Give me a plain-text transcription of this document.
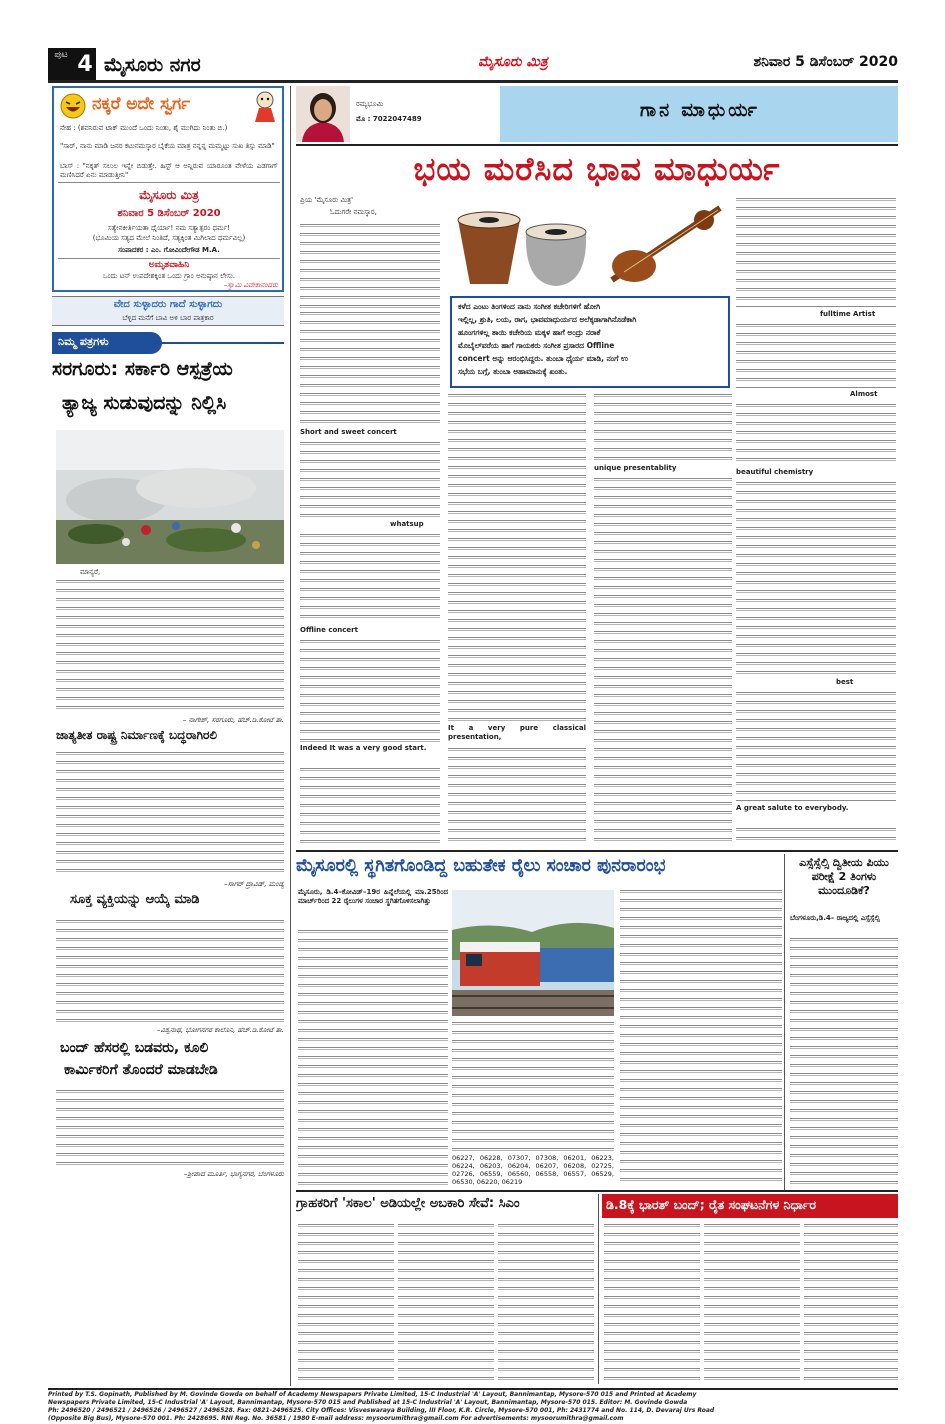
ಪುಟ 4 ಮೈಸೂರು ನಗರ	ಮೈಸೂರು ಮಿತ್ರ	ಶನಿವಾರ 5 ಡಿಸೆಂಬರ್ 2020
ನಕ್ಕರೆ ಅದೇ ಸ್ವರ್ಗ
ನೇಹ : (ಶವನಿರುವ ಟಾಕ್ ಮುಂದೆ ಒಂದು ನಿಂತು, ಶೈ ಮುಗಿದು ನಿಂತು ಬಿ.)
"ಸಾರ್, ನಾನು ಮಾಡಿ ಜನರ ಕಟುನಮಸ್ಕಾರ ಬೈಕೆಯ ಮಾತ್ರ ನನ್ನನ್ನ ಮಮ್ಮಟ್ಟು ಸುಖ ತಿಸ್ಸು ಮಾಡಿ"
ಬಾಸ್ : "ನಕ್ಕತ್ ಸಲುಲ ಇನ್ನೇ ಬಿಡುತ್ತೇ. ಹಿಸ್ಟ್ ಆ ಅನ್ನಿರುವ ಯಾರೂಂತ ವೇಳೆಯ ಎಡಗಾಗ್ ಮಣಿಸಿದರೆ ಏನು ಮಾಡುತ್ತೀನಿ"
ಮೈಸೂರು ಮಿತ್ರ
ಶನಿವಾರ 5 ಡಿಸೆಂಬರ್ 2020
ಸತ್ಯೇನಕೀರ್ತಿಯತಾ ಧೈರ್ಯಾ! ನಮ ಸತ್ಯಾತ್ಪರಂ ಧರ್ಮ!
(ಭೂಮಿಯ ಸತ್ಯದ ಮೇಲೆ ನಿಂತಿದೆ, ಸತ್ಯಕ್ಕಿಂತ ಮಿಗಿಲಾದ ಧರ್ಮವಿಲ್ಲ)
ಸಂಪಾದಕರ : ಎಂ. ಗೋವಿಂದೇಗೌಡ M.A.
ಅಮೃತವಾಹಿನಿ
ಒಂದು ಟನ್ ಉಪದೇಶಕ್ಕಿಂತ ಒಂದು ಗ್ರಾಂ ಅನುಷ್ಠಾನ ಲೇಸು.
–ಸ್ವಾಮಿ ವಿವೇಕಾನಂದರು
ವೇದ ಸುಳ್ಳಾದರು ಗಾದೆ ಸುಳ್ಳಾಗದು
ಬೆಳ್ಳಿದ ಮನೆಗೆ ಬಾವಿ ಅಳಿ ಬಾರ ಪಾತ್ರಕಾರ
ನಿಮ್ಮ ಪತ್ರಗಳು
ಸರಗೂರು: ಸರ್ಕಾರಿ ಆಸ್ಪತ್ರೆಯ
ತ್ಯಾಜ್ಯ ಸುಡುವುದನ್ನು ನಿಲ್ಲಿಸಿ
ಮಾನ್ಯರೆ,
– ನಾಗೇಶ್, ಸರಗೂರು, ಹೆಚ್.ಡಿ.ಕೋಟೆ ತಾ.
ಜಾತ್ಯತೀತ ರಾಷ್ಟ್ರ ನಿರ್ಮಾಣಕ್ಕೆ ಬದ್ಧರಾಗಿರಲಿ
–ಸಾಗರ್ ದ್ರಾವಿಡ್, ಮಂಡ್ಯ
ಸೂಕ್ತ ವ್ಯಕ್ತಿಯನ್ನು ಆಯ್ಕೆ ಮಾಡಿ
–ವಿಶ್ವನಾಥ, ಭೋಗನಗರ ಕಾಲೊನಿ, ಹೆಚ್.ಡಿ.ಕೋಟೆ ತಾ.
ಬಂದ್ ಹೆಸರಲ್ಲಿ ಬಡವರು, ಕೂಲಿ
ಕಾರ್ಮಿಕರಿಗೆ ತೊಂದರೆ ಮಾಡಬೇಡಿ
–ಶ್ರೀಪಾದ ಮೂರ್ತಿ, ಭಾಗ್ಯನಗರ, ಬೆಂಗಳೂರು
ರಮ್ಯಭೂಮಿ
ಮೊ : 7022047489	ಗಾನ ಮಾಧುರ್ಯ
ಭಯ ಮರೆಸಿದ ಭಾವ ಮಾಧುರ್ಯ
ಪ್ರಿಯ 'ಮೈಸೂರು ಮಿತ್ರ'
ಓದುಗರೇ ನಮಸ್ಕಾರ,
ಕಳೆದ ಎಂಟು ತಿಂಗಳಿಂದ ನಾನು ಸಂಗೀತ ಕಚೇರಿಗಳಿಗೆ ಹೋಗಿ
ಇಲ್ಲಿಲ್ಲ, ಶ್ರುತಿ, ಲಯ, ರಾಗ, ಭಾವಮಾಧುರ್ಯದ ಅಲೆಕ್ಕಡಾಗಾಗಿನೊಡೆಕಾಗಿ
ಹೂಂಗಗಳಿಲ್ಲ ತಾಯಿ ಕಚೇರಿಯ ಮಕ್ಕಳ ಹಾಗೆ ಅಂದ್ರು ನರಾಕೆ
ಮೊಬೈಲ್‌ವರೆಯ ಹಾಗೆ ಗಾಯಕರು ಸಂಗೀತ ಪ್ರಸಾರದ Offline
concert ಅನ್ನು ಆರಂಭಿಸಿದ್ದರು. ತುಂಬಾ ಧೈರ್ಯ ಮಾಡಿ, ನಂಗೆ ಉ
ಸಭೆಯ ಬಗ್ಗೆ, ತುಂಬಾ ಅಹಾಮಾನುಕ್ಕೆ ಖಂತು.
Short and sweet concert
whatsup
Offline concert
Indeed It was a very good start.
It a very pure classical presentation,
unique presentablity
fulltime Artist
Almost
beautiful chemistry
best
A great salute to everybody.
ಮೈಸೂರಲ್ಲಿ ಸ್ಥಗಿತಗೊಂಡಿದ್ದ ಬಹುತೇಕ ರೈಲು ಸಂಚಾರ ಪುನರಾರಂಭ
ಮೈಸೂರು, ಡಿ.4–ಕೋವಿಡ್–19ರ ಹಿನ್ನೆಲೆಯಲ್ಲಿ ಮಾ.25ರಿಂದ ಮಾರ್ಚ್‌ರಿಂದ 22 ರೈಲುಗಳ ಸಂಚಾರ ಸ್ಥಗಿತಗೊಳಿಸಲಾಗಿತ್ತು
06227, 06228, 07307, 07308, 06201, 06223, 06224, 06203, 06204, 06207, 06208, 02725, 02726, 06559, 06560, 06558, 06557, 06529, 06530, 06220, 06219
ಎಸ್ಸೆಸ್ಸೆಲ್ಸಿ ದ್ವಿತೀಯ ಪಿಯು ಪರೀಕ್ಷೆ 2 ತಿಂಗಳು ಮುಂದೂಡಿಕೆ?
ಬೆಂಗಳೂರು,ಡಿ.4– ರಾಜ್ಯದಲ್ಲಿ ಎಸ್ಸೆಸ್ಸೆಲ್ಸಿ
ಗ್ರಾಹಕರಿಗೆ 'ಸಕಾಲ' ಅಡಿಯಲ್ಲೇ ಅಬಕಾರಿ ಸೇವೆ: ಸಿಎಂ	ಡಿ.8ಕ್ಕೆ ಭಾರತ್ ಬಂದ್; ರೈತ ಸಂಘಟನೆಗಳ ನಿರ್ಧಾರ
Printed by T.S. Gopinath, Published by M. Govinde Gowda on behalf of Academy Newspapers Private Limited, 15-C Industrial 'A' Layout, Bannimantap, Mysore-570 015 and Printed at Academy
Newspapers Private Limited, 15-C Industrial 'A' Layout, Bannimantap, Mysore-570 015 and Published at 15-C Industrial 'A' Layout, Bannimantap, Mysore-570 015. Editor: M. Govinde Gowda
Ph: 2496520 / 2496521 / 2496526 / 2496527 / 2496528. Fax: 0821-2496525. City Offices: Visveswaraya Building, III Floor, K.R. Circle, Mysore-570 001, Ph: 2431774 and No. 114, D. Devaraj Urs Road
(Opposite Big Bus), Mysore-570 001. Ph: 2428695. RNI Reg. No. 36581 / 1980 E-mail address: mysoorumithra@gmail.com For advertisements: mysoorumithra@gmail.com
